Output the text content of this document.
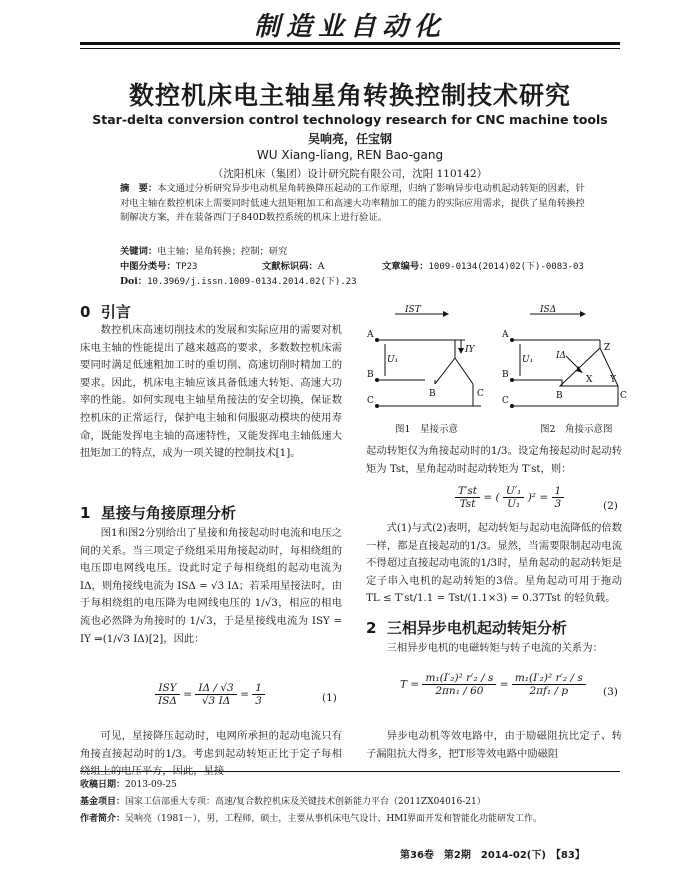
制造业自动化
数控机床电主轴星角转换控制技术研究
Star-delta conversion control technology research for CNC machine tools
吴响亮，任宝钢
WU Xiang-liang, REN Bao-gang
（沈阳机床（集团）设计研究院有限公司，沈阳 110142）
摘　要：本文通过分析研究异步电动机星角转换降压起动的工作原理，归纳了影响异步电动机起动转矩的因素，针对电主轴在数控机床上需要同时低速大扭矩粗加工和高速大功率精加工的能力的实际应用需求，提供了星角转换控制解决方案，并在装备西门子840D数控系统的机床上进行验证。
关键词：电主轴；星角转换；控制；研究
中图分类号：TP23	文献标识码：A	文章编号：1009-0134(2014)02(下)-0083-03
Doi：10.3969/j.issn.1009-0134.2014.02(下).23
0 引言

数控机床高速切削技术的发展和实际应用的需要对机床电主轴的性能提出了越来越高的要求，多数数控机床需要同时满足低速粗加工时的重切削、高速切削时精加工的要求。因此，机床电主轴应该具备低速大转矩、高速大功率的性能。如何实现电主轴星角接法的安全切换，保证数控机床的正常运行，保护电主轴和伺服驱动模块的使用寿命，既能发挥电主轴的高速特性，又能发挥电主轴低速大扭矩加工的特点，成为一项关键的控制技术[1]。

1 星接与角接原理分析

图1和图2分别给出了星接和角接起动时电流和电压之间的关系。当三项定子绕组采用角接起动时，每相绕组的电压即电网线电压。设此时定子每相绕组的起动电流为 IΔ，则角接线电流为 ISΔ = √3 IΔ；若采用星接法时，由于每相绕组的电压降为电网线电压的 1/√3，相应的相电流也必然降为角接时的 1/√3，于是星接线电流为 ISY = IY ⇒(1/√3 IΔ)[2]，因此：

$\frac{\text{ISY}}{\text{ISΔ}} = \frac{I\Delta / √3}{√3 I\Delta} = \frac{1}{3}$	(1)

可见，星接降压起动时，电网所承担的起动电流只有角接直接起动时的1/3。考虑到起动转矩正比于定子每相绕组上的电压平方，因此，星接

A
B
C
IST
IY
U₁
B	C
图1　星接示意
A
B
C
ISΔ
IΔ
U₁
Z
X Y
B	C
图2　角接示意图

起动转矩仅为角接起动时的1/3。设定角接起动时起动转矩为 Tst，星角起动时起动转矩为 T′st，则：

$\frac{T'st}{\text{Tst}}$ = ( $\frac{\text{U′₁}}{\text{U₁}} )^2 = \frac{1}{3}$	(2)

式(1)与式(2)表明，起动转矩与起动电流降低的倍数一样，都是直接起动的1/3。显然，当需要限制起动电流不得超过直接起动电流的1/3时，星角起动的起动转矩是定子串入电机的起动转矩的3倍。星角起动可用于拖动 TL ≤ T′st/1.1 = Tst/(1.1×3) = 0.37Tst 的轻负载。

2 三相异步电机起动转矩分析

三相异步电机的电磁转矩与转子电流的关系为：

$T = \frac{\text{m₁(I′₂)² r′₂ / s}}{\text{2πn₁ / 60}} = \frac{\text{m₁(I′₂)² r′₂ / s}}{\text{2πf₁ / p}} (3)$

异步电动机等效电路中，由于励磁阻抗比定子、转子漏阻抗大得多，把T形等效电路中励磁阻

收稿日期：2013-09-25
基金项目：国家工信部重大专项：高速/复合数控机床及关键技术创新能力平台（2011ZX04016-21）
作者简介：吴响亮（1981－），男，工程师，硕士，主要从事机床电气设计、HMI界面开发和智能化功能研发工作。
第36卷　第2期　2014-02(下)　【83】
